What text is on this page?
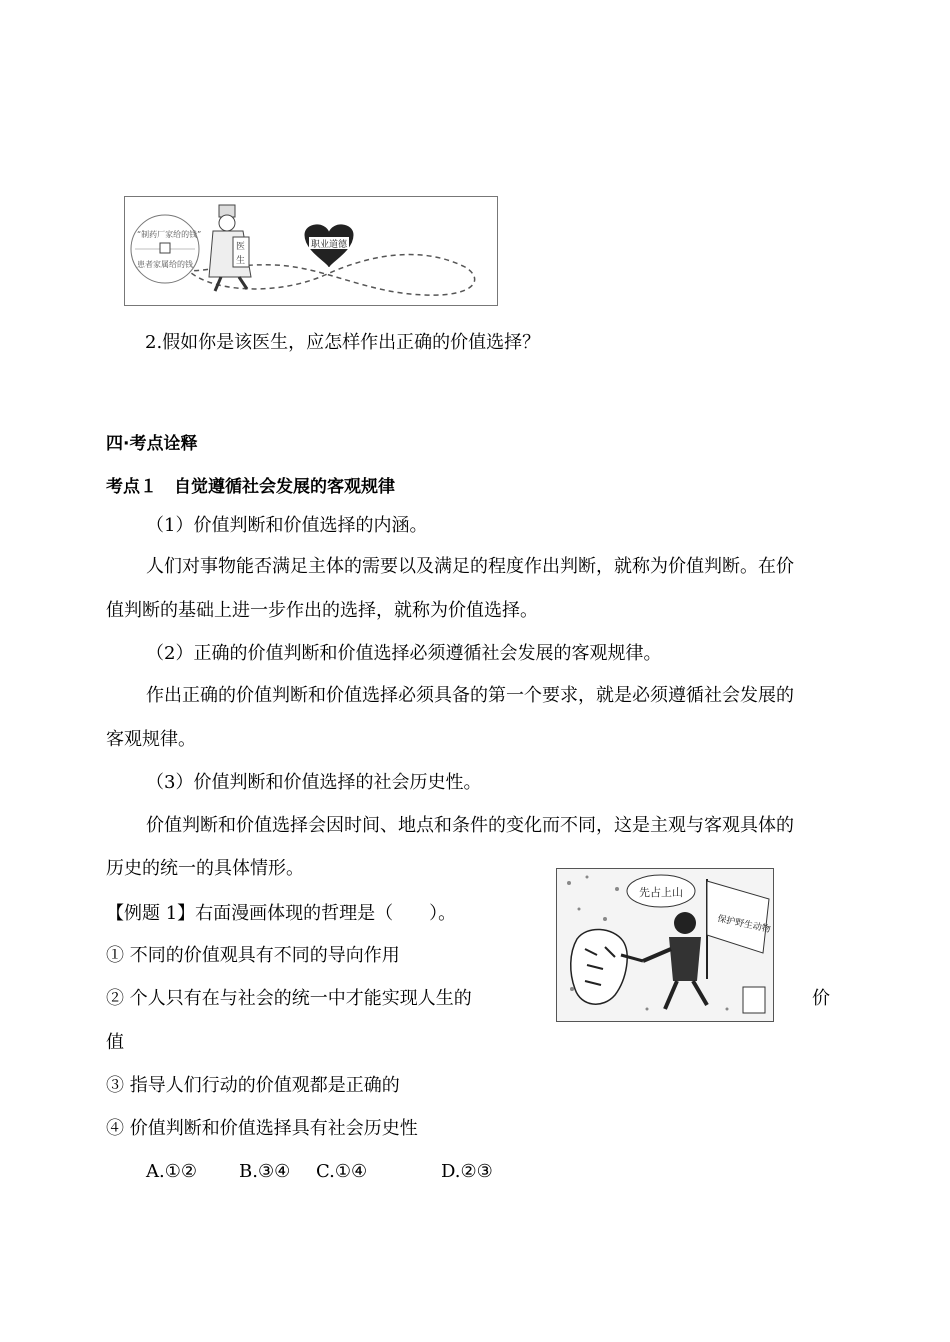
“制药厂家给的钱”
患者家属给的钱
医
生
职业道德
2.假如你是该医生，应怎样作出正确的价值选择？
四·考点诠释
考点１　自觉遵循社会发展的客观规律
（1）价值判断和价值选择的内涵。
人们对事物能否满足主体的需要以及满足的程度作出判断，就称为价值判断。在价
值判断的基础上进一步作出的选择，就称为价值选择。
（2）正确的价值判断和价值选择必须遵循社会发展的客观规律。
作出正确的价值判断和价值选择必须具备的第一个要求，就是必须遵循社会发展的
客观规律。
（3）价值判断和价值选择的社会历史性。
价值判断和价值选择会因时间、地点和条件的变化而不同，这是主观与客观具体的
历史的统一的具体情形。
先占上山
保护野生动物
【例题 1】右面漫画体现的哲理是（　　）。
① 不同的价值观具有不同的导向作用
② 个人只有在与社会的统一中才能实现人生的	价
值
③ 指导人们行动的价值观都是正确的
④ 价值判断和价值选择具有社会历史性
A.①② B.③④ C.①④	D.②③
